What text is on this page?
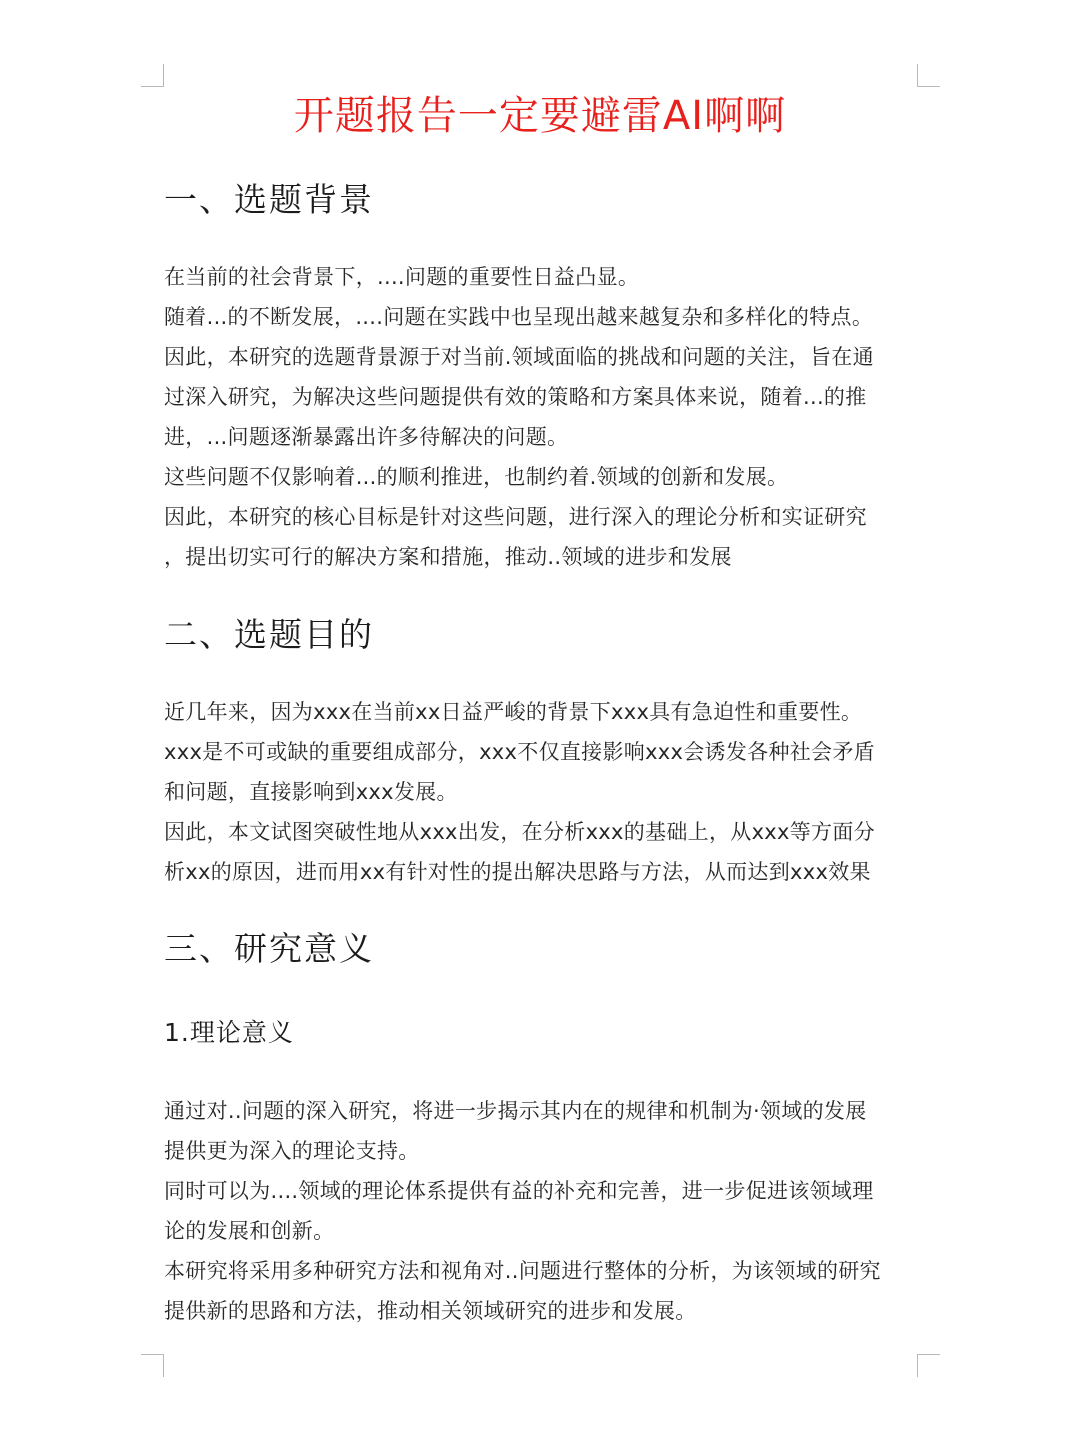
开题报告一定要避雷AI啊啊
一、选题背景
在当前的社会背景下，....问题的重要性日益凸显。
随着...的不断发展，....问题在实践中也呈现出越来越复杂和多样化的特点。
因此，本研究的选题背景源于对当前.领域面临的挑战和问题的关注，旨在通
过深入研究，为解决这些问题提供有效的策略和方案具体来说，随着...的推
进，...问题逐渐暴露出许多待解决的问题。
这些问题不仅影响着...的顺利推进，也制约着.领域的创新和发展。
因此，本研究的核心目标是针对这些问题，进行深入的理论分析和实证研究
，提出切实可行的解决方案和措施，推动..领域的进步和发展
二、选题目的
近几年来，因为xxx在当前xx日益严峻的背景下xxx具有急迫性和重要性。
xxx是不可或缺的重要组成部分，xxx不仅直接影响xxx会诱发各种社会矛盾
和问题，直接影响到xxx发展。
因此，本文试图突破性地从xxx出发，在分析xxx的基础上，从xxx等方面分
析xx的原因，进而用xx有针对性的提出解决思路与方法，从而达到xxx效果
三、研究意义
1.理论意义
通过对..问题的深入研究，将进一步揭示其内在的规律和机制为·领域的发展
提供更为深入的理论支持。
同时可以为....领域的理论体系提供有益的补充和完善，进一步促进该领域理
论的发展和创新。
本研究将采用多种研究方法和视角对..问题进行整体的分析，为该领域的研究
提供新的思路和方法，推动相关领域研究的进步和发展。
